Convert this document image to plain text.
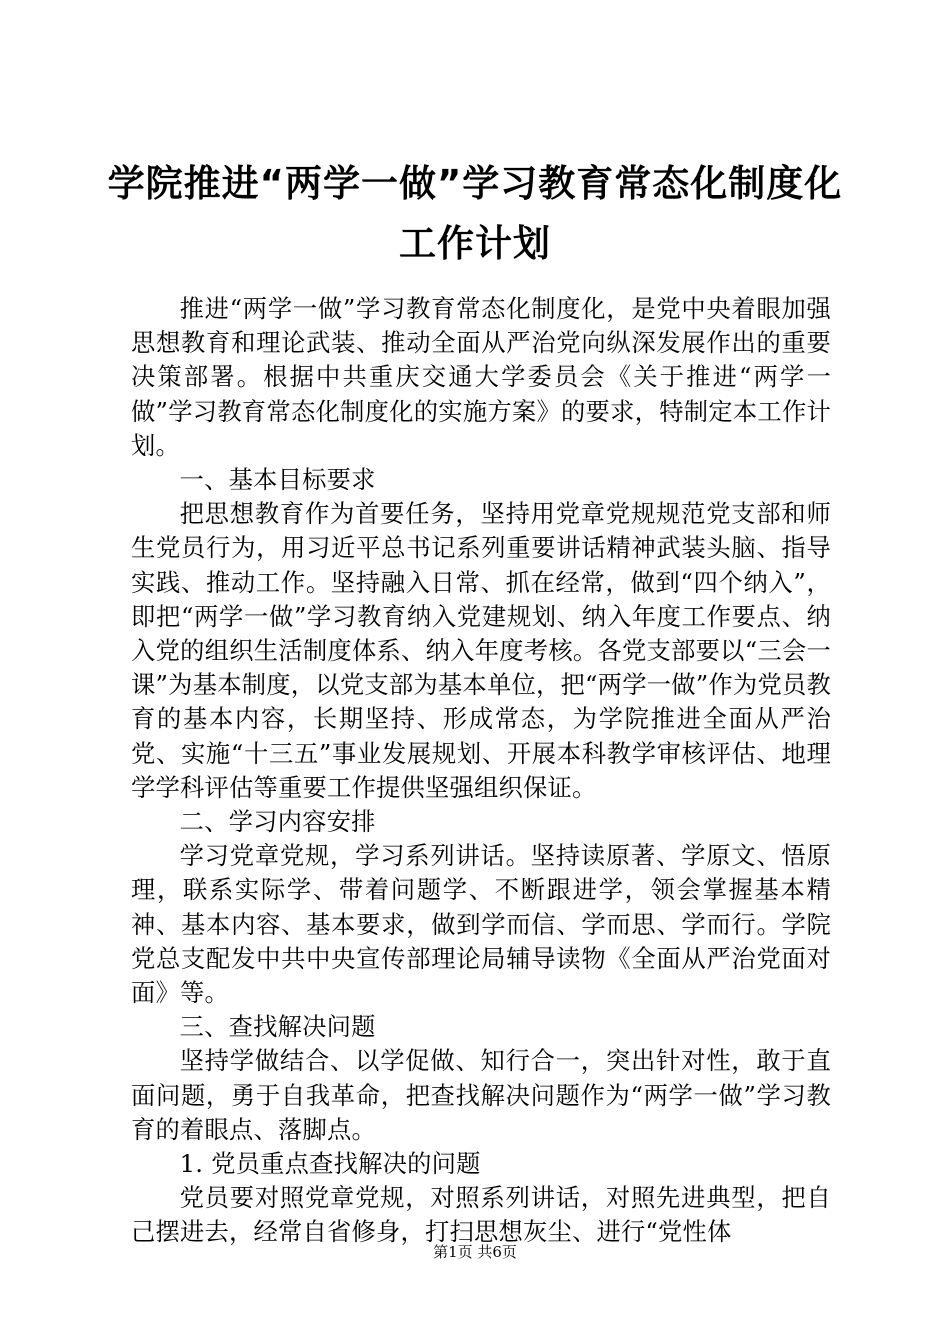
学院推进“两学一做”学习教育常态化制度化
工作计划

推进“两学一做”学习教育常态化制度化，是党中央着眼加强思想教育和理论武装、推动全面从严治党向纵深发展作出的重要决策部署。根据中共重庆交通大学委员会《关于推进“两学一做”学习教育常态化制度化的实施方案》的要求，特制定本工作计划。

一、基本目标要求

把思想教育作为首要任务，坚持用党章党规规范党支部和师生党员行为，用习近平总书记系列重要讲话精神武装头脑、指导实践、推动工作。坚持融入日常、抓在经常，做到“四个纳入”，即把“两学一做”学习教育纳入党建规划、纳入年度工作要点、纳入党的组织生活制度体系、纳入年度考核。各党支部要以“三会一课”为基本制度，以党支部为基本单位，把“两学一做”作为党员教育的基本内容，长期坚持、形成常态，为学院推进全面从严治党、实施“十三五”事业发展规划、开展本科教学审核评估、地理学学科评估等重要工作提供坚强组织保证。

二、学习内容安排

学习党章党规，学习系列讲话。坚持读原著、学原文、悟原理，联系实际学、带着问题学、不断跟进学，领会掌握基本精神、基本内容、基本要求，做到学而信、学而思、学而行。学院党总支配发中共中央宣传部理论局辅导读物《全面从严治党面对面》等。

三、查找解决问题

坚持学做结合、以学促做、知行合一，突出针对性，敢于直面问题，勇于自我革命，把查找解决问题作为“两学一做”学习教育的着眼点、落脚点。

1. 党员重点查找解决的问题

党员要对照党章党规，对照系列讲话，对照先进典型，把自己摆进去，经常自省修身，打扫思想灰尘、进行“党性体

第1页 共6页
